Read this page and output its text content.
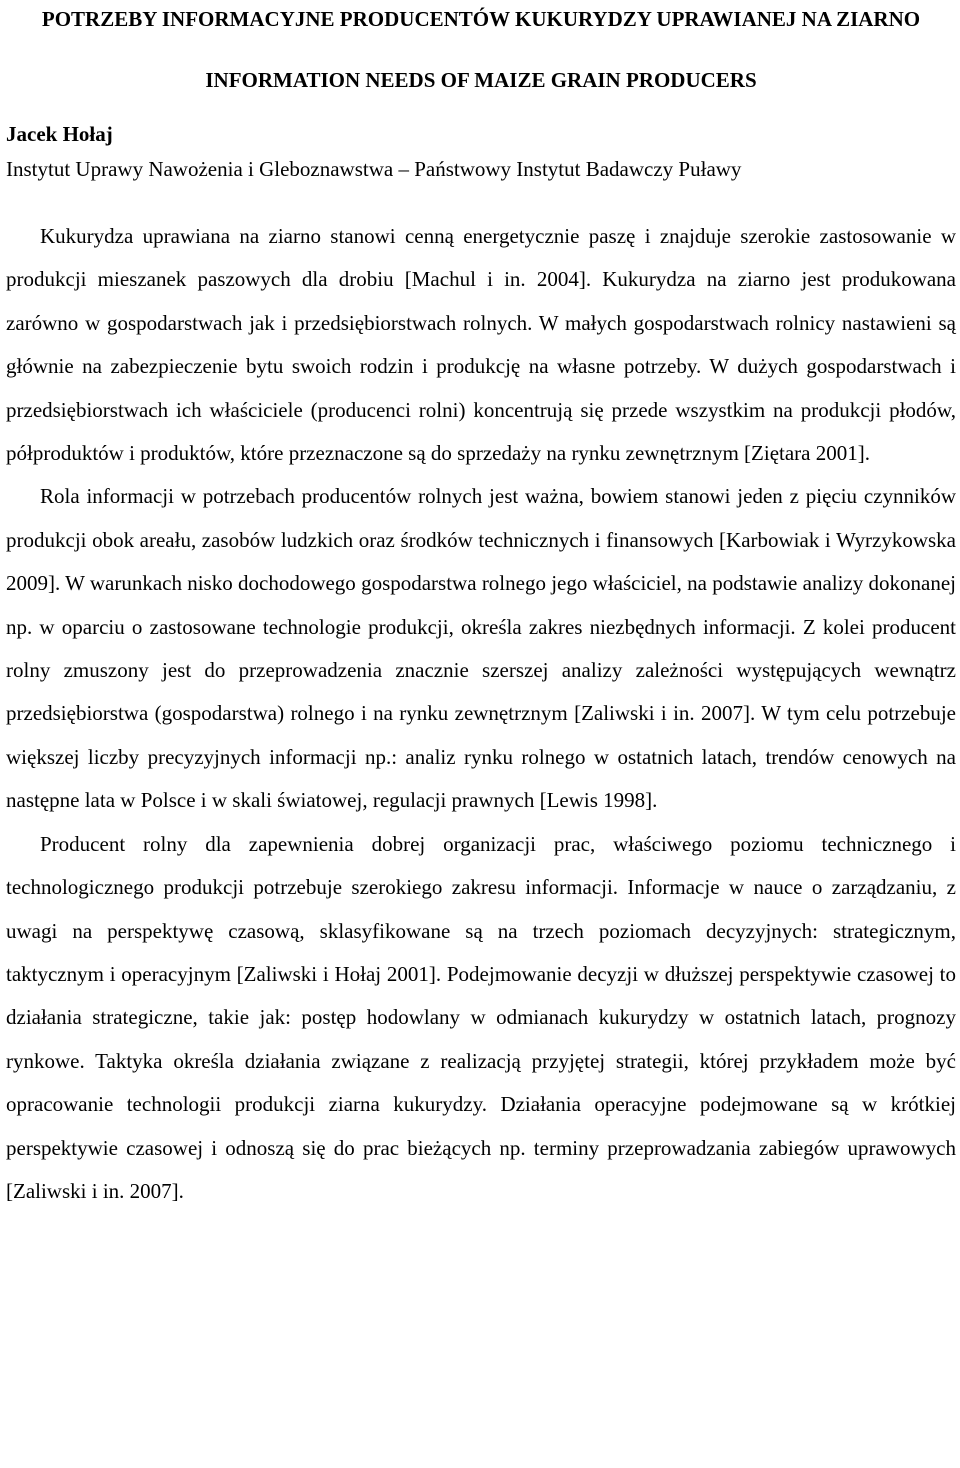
POTRZEBY INFORMACYJNE PRODUCENTÓW KUKURYDZY UPRAWIANEJ NA ZIARNO
INFORMATION NEEDS OF MAIZE GRAIN PRODUCERS

Jacek Hołaj

Instytut Uprawy Nawożenia i Gleboznawstwa – Państwowy Instytut Badawczy Puławy

Kukurydza uprawiana na ziarno stanowi cenną energetycznie paszę i znajduje szerokie zastosowanie w produkcji mieszanek paszowych dla drobiu [Machul i in. 2004]. Kukurydza na ziarno jest produkowana zarówno w gospodarstwach jak i przedsiębiorstwach rolnych. W małych gospodarstwach rolnicy nastawieni są głównie na zabezpieczenie bytu swoich rodzin i produkcję na własne potrzeby. W dużych gospodarstwach i przedsiębiorstwach ich właściciele (producenci rolni) koncentrują się przede wszystkim na produkcji płodów, półproduktów i produktów, które przeznaczone są do sprzedaży na rynku zewnętrznym [Ziętara 2001].

Rola informacji w potrzebach producentów rolnych jest ważna, bowiem stanowi jeden z pięciu czynników produkcji obok areału, zasobów ludzkich oraz środków technicznych i finansowych [Karbowiak i Wyrzykowska 2009]. W warunkach nisko dochodowego gospodarstwa rolnego jego właściciel, na podstawie analizy dokonanej np. w oparciu o zastosowane technologie produkcji, określa zakres niezbędnych informacji. Z kolei producent rolny zmuszony jest do przeprowadzenia znacznie szerszej analizy zależności występujących wewnątrz przedsiębiorstwa (gospodarstwa) rolnego i na rynku zewnętrznym [Zaliwski i in. 2007]. W tym celu potrzebuje większej liczby precyzyjnych informacji np.: analiz rynku rolnego w ostatnich latach, trendów cenowych na następne lata w Polsce i w skali światowej, regulacji prawnych [Lewis 1998].

Producent rolny dla zapewnienia dobrej organizacji prac, właściwego poziomu technicznego i technologicznego produkcji potrzebuje szerokiego zakresu informacji. Informacje w nauce o zarządzaniu, z uwagi na perspektywę czasową, sklasyfikowane są na trzech poziomach decyzyjnych: strategicznym, taktycznym i operacyjnym [Zaliwski i Hołaj 2001]. Podejmowanie decyzji w dłuższej perspektywie czasowej to działania strategiczne, takie jak: postęp hodowlany w odmianach kukurydzy w ostatnich latach, prognozy rynkowe. Taktyka określa działania związane z realizacją przyjętej strategii, której przykładem może być opracowanie technologii produkcji ziarna kukurydzy. Działania operacyjne podejmowane są w krótkiej perspektywie czasowej i odnoszą się do prac bieżących np. terminy przeprowadzania zabiegów uprawowych [Zaliwski i in. 2007].
